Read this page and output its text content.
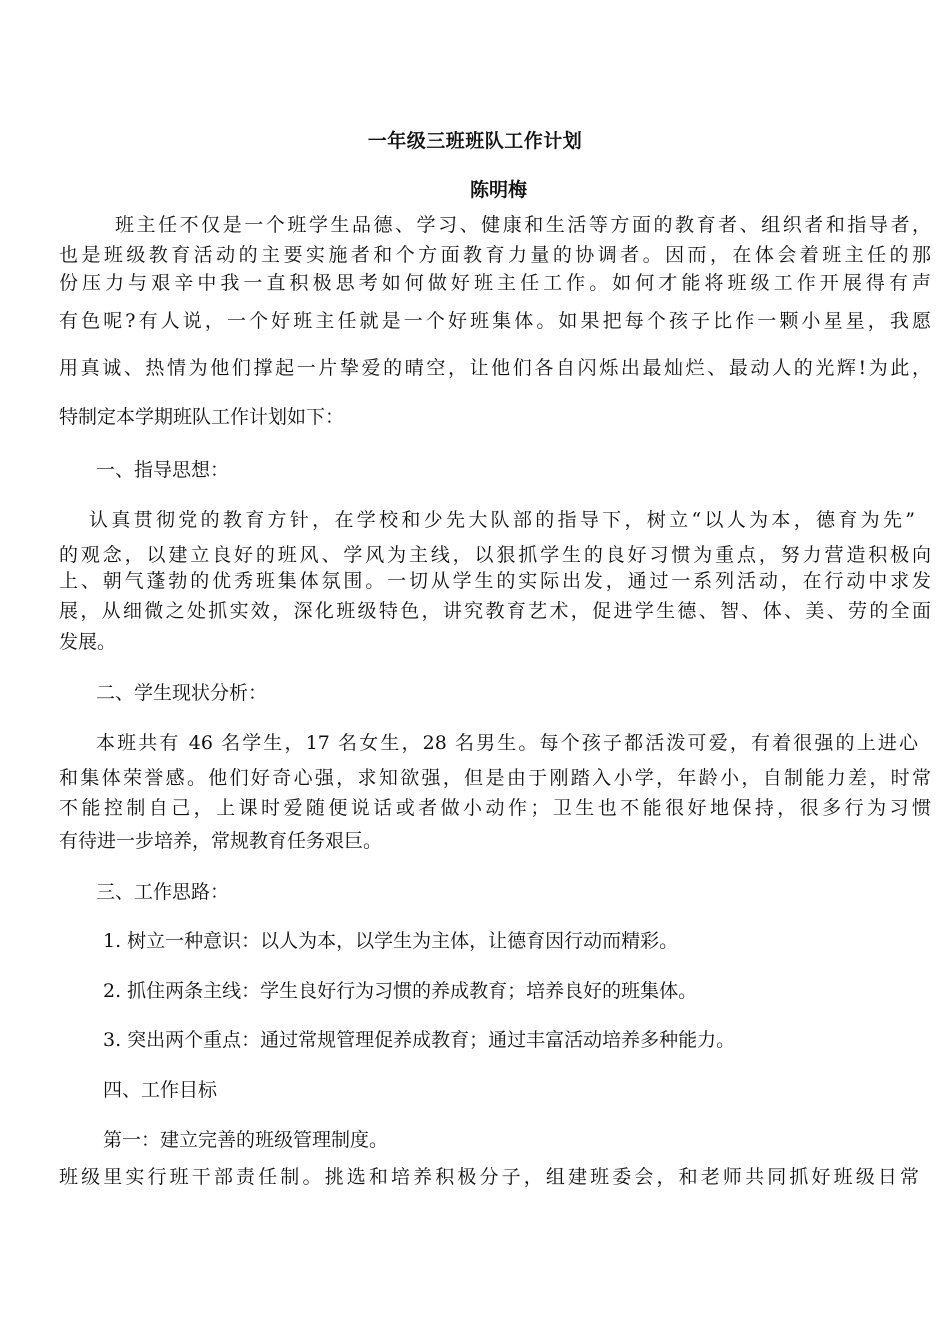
一年级三班班队工作计划
陈明梅
班主任不仅是一个班学生品德、学习、健康和生活等方面的教育者、组织者和指导者，
也是班级教育活动的主要实施者和个方面教育力量的协调者。因而，在体会着班主任的那
份压力与艰辛中我一直积极思考如何做好班主任工作。如何才能将班级工作开展得有声
有色呢?有人说，一个好班主任就是一个好班集体。如果把每个孩子比作一颗小星星，我愿
用真诚、热情为他们撑起一片挚爱的晴空，让他们各自闪烁出最灿烂、最动人的光辉!为此，
特制定本学期班队工作计划如下：
一、指导思想：
认真贯彻党的教育方针，在学校和少先大队部的指导下，树立“以人为本，德育为先”
的观念，以建立良好的班风、学风为主线，以狠抓学生的良好习惯为重点，努力营造积极向
上、朝气蓬勃的优秀班集体氛围。一切从学生的实际出发，通过一系列活动，在行动中求发
展，从细微之处抓实效，深化班级特色，讲究教育艺术，促进学生德、智、体、美、劳的全面
发展。
二、学生现状分析：
本班共有 46 名学生，17 名女生，28 名男生。每个孩子都活泼可爱，有着很强的上进心
和集体荣誉感。他们好奇心强，求知欲强，但是由于刚踏入小学，年龄小，自制能力差，时常
不能控制自己，上课时爱随便说话或者做小动作；卫生也不能很好地保持，很多行为习惯
有待进一步培养，常规教育任务艰巨。
三、工作思路：
1. 树立一种意识：以人为本，以学生为主体，让德育因行动而精彩。
2. 抓住两条主线：学生良好行为习惯的养成教育；培养良好的班集体。
3. 突出两个重点：通过常规管理促养成教育；通过丰富活动培养多种能力。
四、工作目标
第一：建立完善的班级管理制度。
班级里实行班干部责任制。挑选和培养积极分子，组建班委会，和老师共同抓好班级日常
